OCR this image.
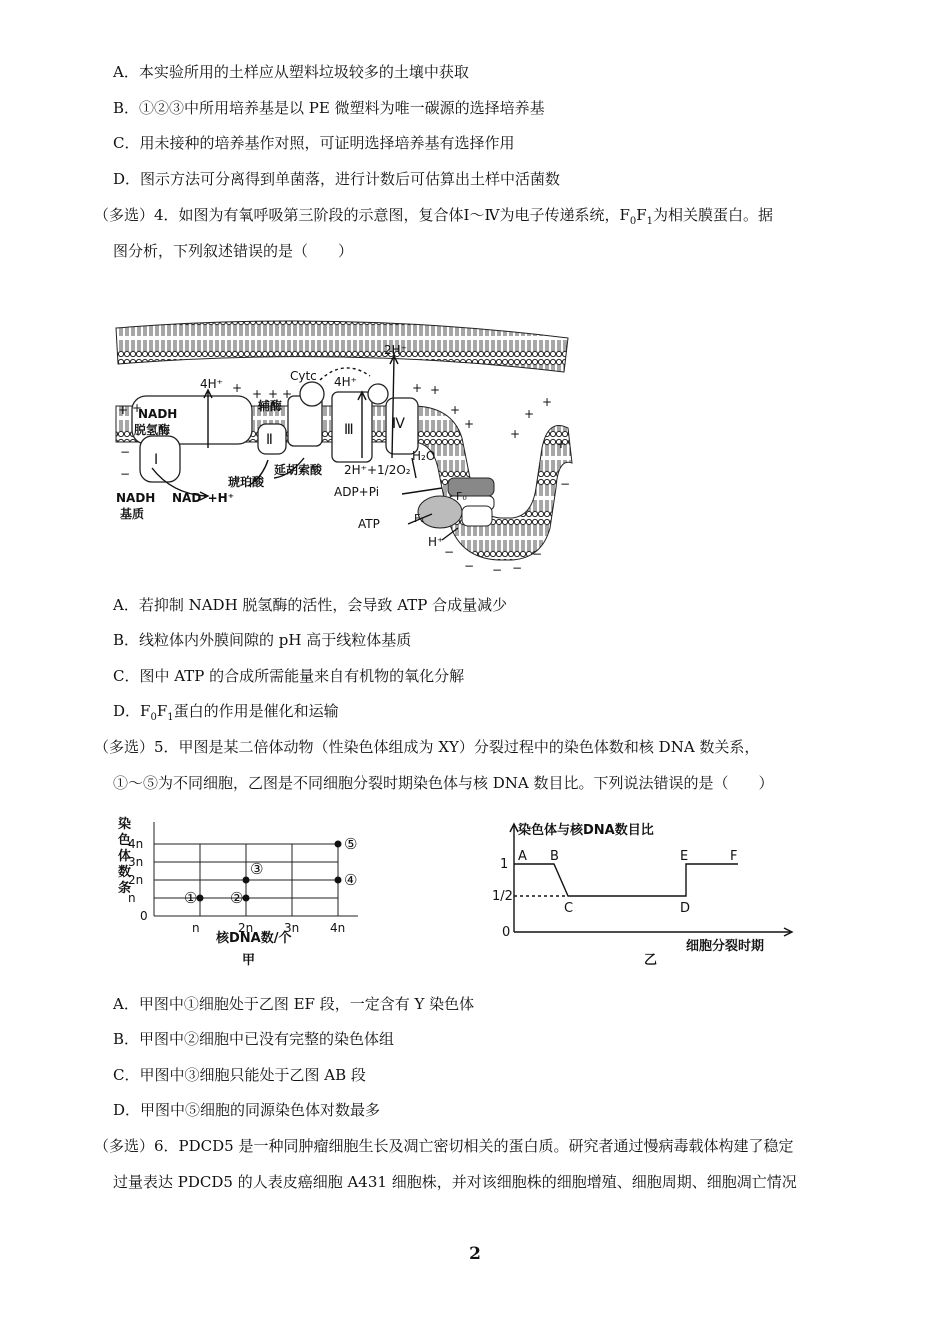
A．本实验所用的土样应从塑料垃圾较多的土壤中获取
B．①②③中所用培养基是以 PE 微塑料为唯一碳源的选择培养基
C．用未接种的培养基作对照，可证明选择培养基有选择作用
D．图示方法可分离得到单菌落，进行计数后可估算出土样中活菌数
（多选）4．如图为有氧呼吸第三阶段的示意图，复合体Ⅰ～Ⅳ为电子传递系统，$F_0F_1$为相关膜蛋白。据
图分析，下列叙述错误的是（　　）
+ +
+ + + +	+ +
+
+
+
+
+
+
−
−
−
− − −
−
−
4H⁺
Cytc 4H⁺
2H⁺
NADH
脱氢酶
辅酶
Ⅰ
Ⅱ
Ⅲ	Ⅳ
琥珀酸
延胡索酸 2H⁺+1/2O₂
H₂O
NADH
基质
NAD⁺+H⁺	ADP+Pi
ATP
F₀
F₁
H⁺
A．若抑制 NADH 脱氢酶的活性，会导致 ATP 合成量减少
B．线粒体内外膜间隙的 pH 高于线粒体基质
C．图中 ATP 的合成所需能量来自有机物的氧化分解
D．$F_0F_1$蛋白的作用是催化和运输
（多选）5．甲图是某二倍体动物（性染色体组成为 XY）分裂过程中的染色体数和核 DNA 数关系，
①～⑤为不同细胞，乙图是不同细胞分裂时期染色体与核 DNA 数目比。下列说法错误的是（　　）
染
色
体
数
条
4n
3n
2n
n
0
n	2n	3n	4n
① ②
③
④
⑤
核DNA数/个
甲
染色体与核DNA数目比
1
1/2
0
A B
C	D
E	F
细胞分裂时期
乙
A．甲图中①细胞处于乙图 EF 段，一定含有 Y 染色体
B．甲图中②细胞中已没有完整的染色体组
C．甲图中③细胞只能处于乙图 AB 段
D．甲图中⑤细胞的同源染色体对数最多
（多选）6．PDCD5 是一种同肿瘤细胞生长及凋亡密切相关的蛋白质。研究者通过慢病毒载体构建了稳定
过量表达 PDCD5 的人表皮癌细胞 A431 细胞株，并对该细胞株的细胞增殖、细胞周期、细胞凋亡情况
2
